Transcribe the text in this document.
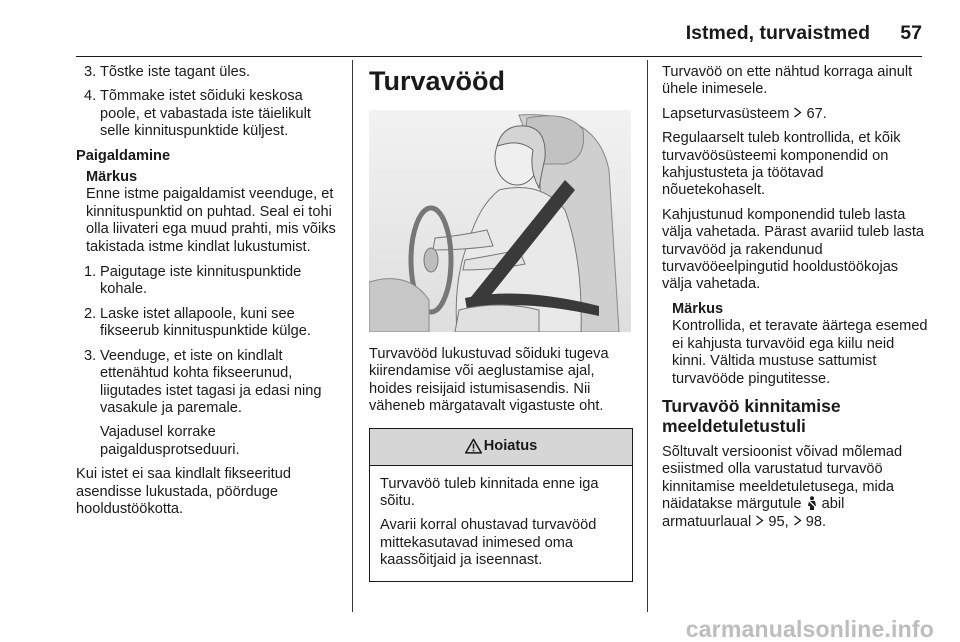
Istmed, turvaistmed 57
3. Tõstke iste tagant üles.
4. Tõmmake istet sõiduki keskosa poole, et vabastada iste täielikult selle kinnituspunktide küljest.
Paigaldamine
Märkus
Enne istme paigaldamist veenduge, et kinnituspunktid on puhtad. Seal ei tohi olla liivateri ega muud prahti, mis võiks takistada istme kindlat lukustumist.
1. Paigutage iste kinnituspunktide kohale.
2. Laske istet allapoole, kuni see fikseerub kinnituspunktide külge.
3. Veenduge, et iste on kindlalt ettenähtud kohta fikseerunud, liigutades istet tagasi ja edasi ning vasakule ja paremale.
Vajadusel korrake paigaldusprotseduuri.

Kui istet ei saa kindlalt fikseeritud asendisse lukustada, pöörduge hooldustöökotta.

Turvavööd

Turvavööd lukustuvad sõiduki tugeva kiirendamise või aeglustamise ajal, hoides reisijaid istumisasendis. Nii väheneb märgatavalt vigastuste oht.

Hoiatus

Turvavöö tuleb kinnitada enne iga sõitu.

Avarii korral ohustavad turvavööd mittekasutavad inimesed oma kaassõitjaid ja iseennast.

Turvavöö on ette nähtud korraga ainult ühele inimesele.

Lapseturvasüsteem 67.

Regulaarselt tuleb kontrollida, et kõik turvavöösüsteemi komponendid on kahjustusteta ja töötavad nõuetekohaselt.

Kahjustunud komponendid tuleb lasta välja vahetada. Pärast avariid tuleb lasta turvavööd ja rakendunud turvavööeelpingutid hooldustöökojas välja vahetada.

Märkus
Kontrollida, et teravate äärtega esemed ei kahjusta turvavöid ega kiilu neid kinni. Vältida mustuse sattumist turvavööde pingutitesse.
Turvavöö kinnitamise meeldetuletustuli

Sõltuvalt versioonist võivad mõlemad esiistmed olla varustatud turvavöö kinnitamise meeldetuletusega, mida näidatakse märgutule abil armatuurlaual 95, 98.

carmanualsonline.info
